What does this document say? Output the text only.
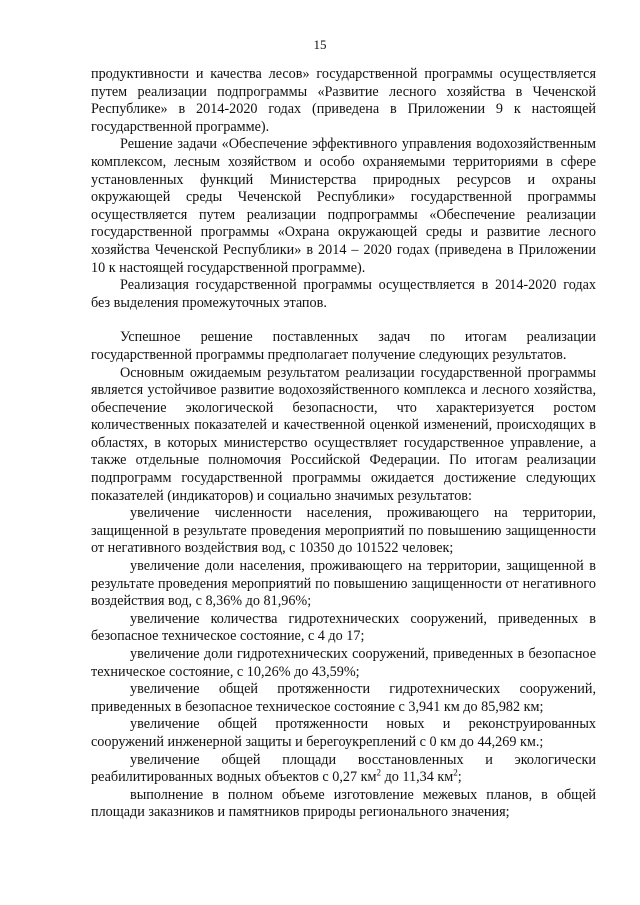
15

продуктивности и качества лесов» государственной программы осуществляется путем реализации подпрограммы «Развитие лесного хозяйства в Чеченской Республике» в 2014-2020 годах (приведена в Приложении 9 к настоящей государственной программе).

Решение задачи «Обеспечение эффективного управления водохозяйственным комплексом, лесным хозяйством и особо охраняемыми территориями в сфере установленных функций Министерства природных ресурсов и охраны окружающей среды Чеченской Республики» государственной программы осуществляется путем реализации подпрограммы «Обеспечение реализации государственной программы «Охрана окружающей среды и развитие лесного хозяйства Чеченской Республики» в 2014 – 2020 годах (приведена в Приложении 10 к настоящей государственной программе).

Реализация государственной программы осуществляется в 2014-2020 годах без выделения промежуточных этапов.

Успешное решение поставленных задач по итогам реализации государственной программы предполагает получение следующих результатов.

Основным ожидаемым результатом реализации государственной программы является устойчивое развитие водохозяйственного комплекса и лесного хозяйства, обеспечение экологической безопасности, что характеризуется ростом количественных показателей и качественной оценкой изменений, происходящих в областях, в которых министерство осуществляет государственное управление, а также отдельные полномочия Российской Федерации. По итогам реализации подпрограмм государственной программы ожидается достижение следующих показателей (индикаторов) и социально значимых результатов:

увеличение численности населения, проживающего на территории, защищенной в результате проведения мероприятий по повышению защищенности от негативного воздействия вод, с 10350 до 101522 человек;

увеличение доли населения, проживающего на территории, защищенной в результате проведения мероприятий по повышению защищенности от негативного воздействия вод, с 8,36% до 81,96%;

увеличение количества гидротехнических сооружений, приведенных в безопасное техническое состояние, с 4 до 17;

увеличение доли гидротехнических сооружений, приведенных в безопасное техническое состояние, с 10,26% до 43,59%;

увеличение общей протяженности гидротехнических сооружений, приведенных в безопасное техническое состояние с 3,941 км до 85,982 км;

увеличение общей протяженности новых и реконструированных сооружений инженерной защиты и берегоукреплений с 0 км до 44,269 км.;

увеличение общей площади восстановленных и экологически реабилитированных водных объектов с 0,27 $км^2$ до 11,34 $км^2$;

выполнение в полном объеме изготовление межевых планов, в общей площади заказников и памятников природы регионального значения;
